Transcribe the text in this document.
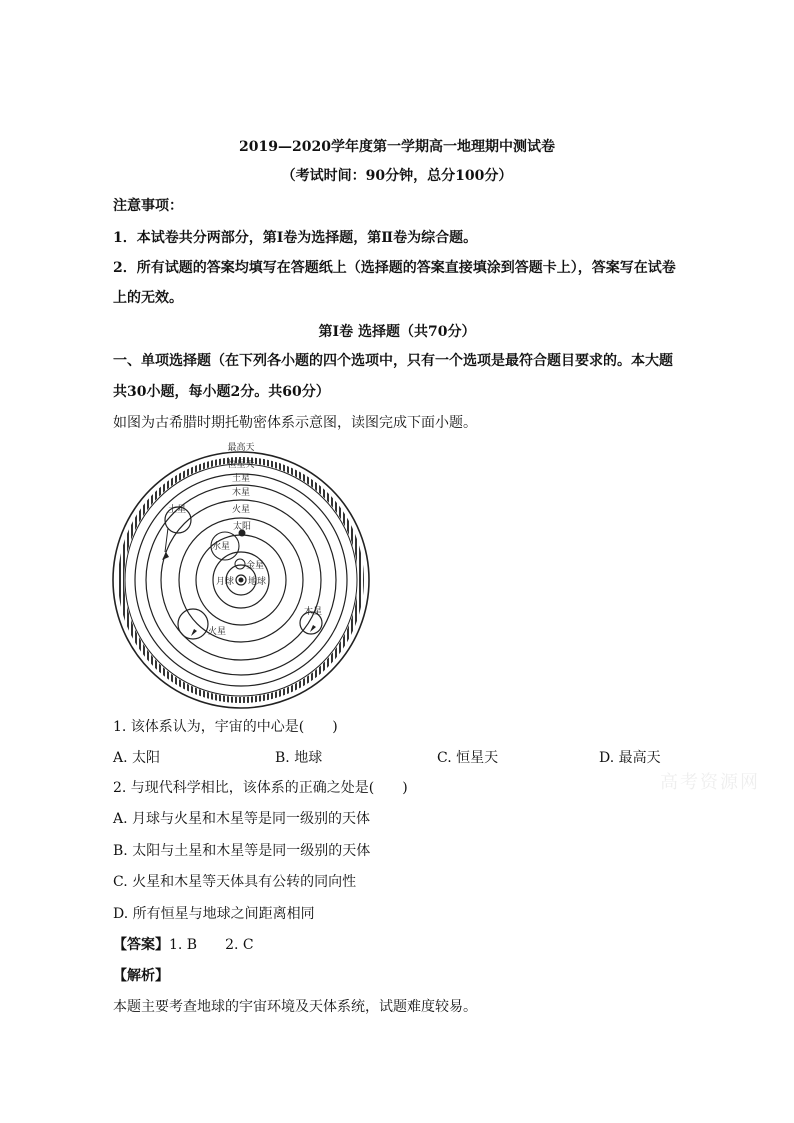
2019—2020学年度第一学期高一地理期中测试卷
（考试时间：90分钟，总分100分）
注意事项：
1．本试卷共分两部分，第Ⅰ卷为选择题，第Ⅱ卷为综合题。
2．所有试题的答案均填写在答题纸上（选择题的答案直接填涂到答题卡上），答案写在试卷
上的无效。
第Ⅰ卷 选择题（共70分）
一、单项选择题（在下列各小题的四个选项中，只有一个选项是最符合题目要求的。本大题
共30小题，每小题2分。共60分）
如图为古希腊时期托勒密体系示意图，读图完成下面小题。
最高天
恒星天
土星
木星
火星
太阳
水星
金星
月球 地球
土星
木星
火星
1. 该体系认为，宇宙的中心是(　　)
A. 太阳	B. 地球	C. 恒星天	D. 最高天
高考资源网
2. 与现代科学相比，该体系的正确之处是(　　)
A. 月球与火星和木星等是同一级别的天体
B. 太阳与土星和木星等是同一级别的天体
C. 火星和木星等天体具有公转的同向性
D. 所有恒星与地球之间距离相同
【答案】1. B　　2. C
【解析】
本题主要考查地球的宇宙环境及天体系统，试题难度较易。
